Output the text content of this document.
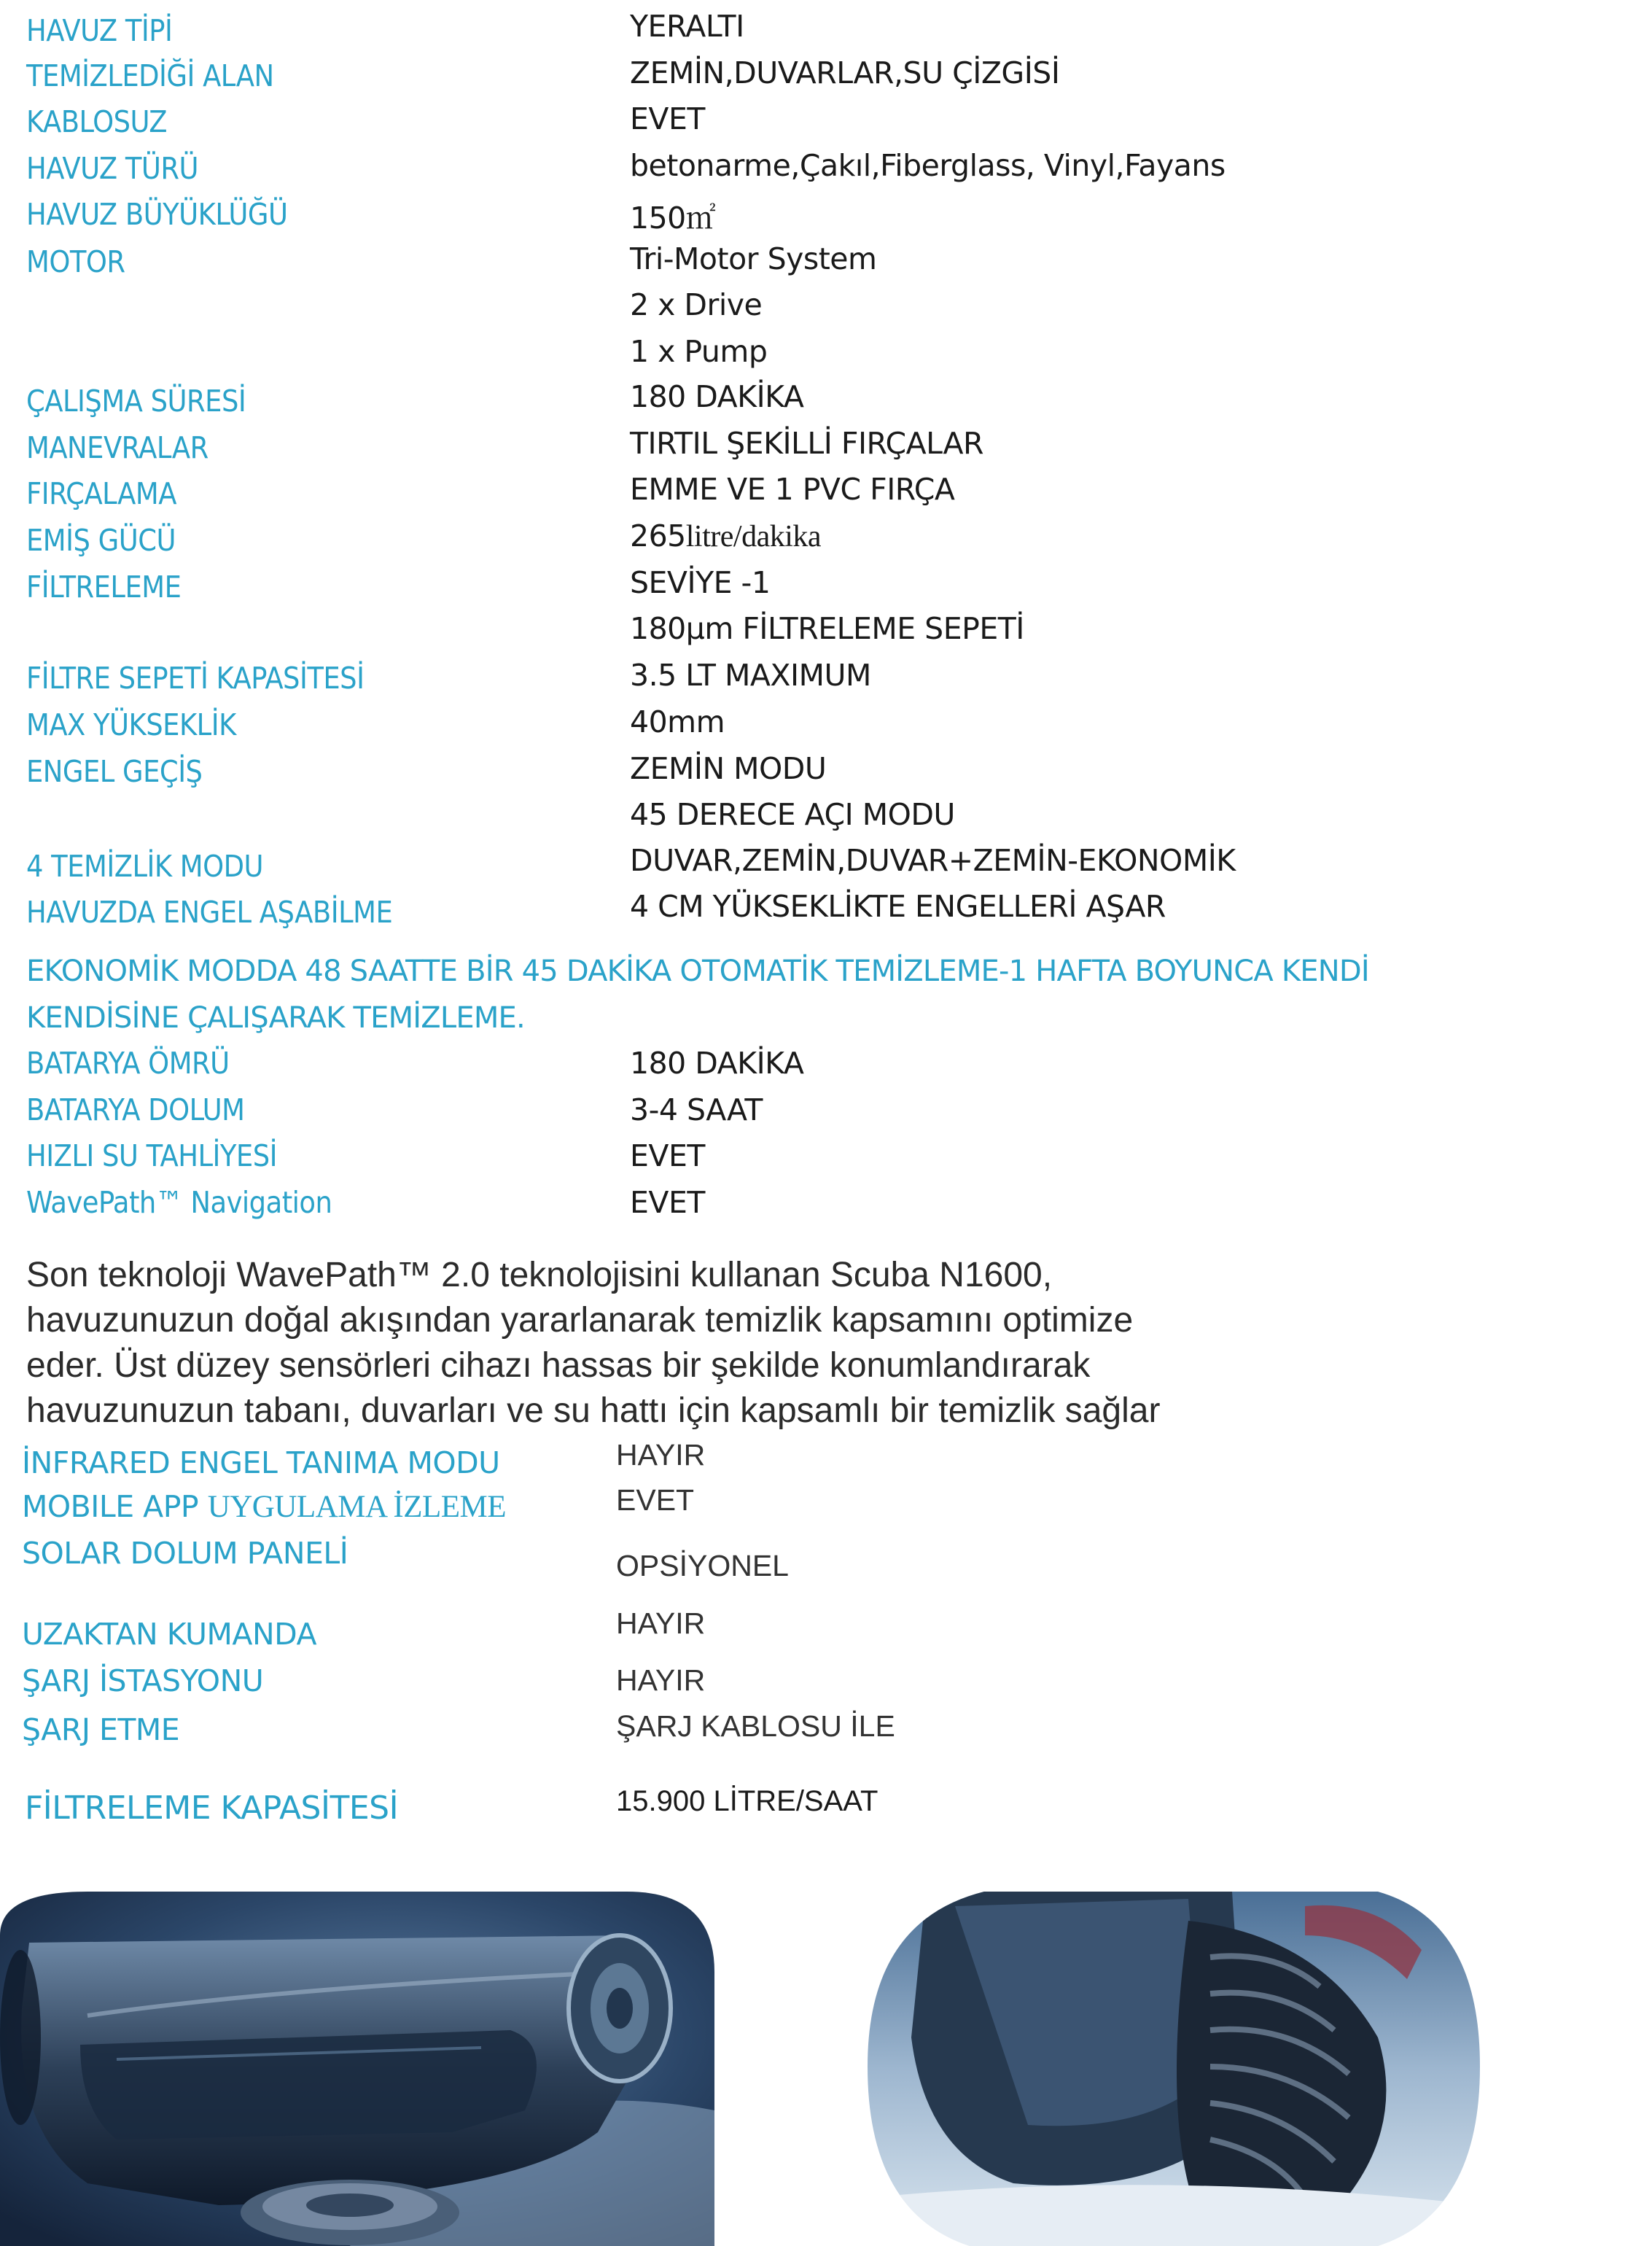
HAVUZ TİPİ	YERALTI
TEMİZLEDİĞİ ALAN	ZEMİN,DUVARLAR,SU ÇİZGİSİ
KABLOSUZ	EVET
HAVUZ TÜRÜ	betonarme,Çakıl,Fiberglass, Vinyl,Fayans
HAVUZ BÜYÜKLÜĞÜ	150㎡
MOTOR	Tri-Motor System
2 x Drive
1 x Pump
ÇALIŞMA SÜRESİ	180 DAKİKA
MANEVRALAR	TIRTIL ŞEKİLLİ FIRÇALAR
FIRÇALAMA	EMME VE 1 PVC FIRÇA
EMİŞ GÜCÜ	265litre/dakika
FİLTRELEME	SEVİYE -1
180μm FİLTRELEME SEPETİ
FİLTRE SEPETİ KAPASİTESİ	3.5 LT MAXIMUM
MAX YÜKSEKLİK	40mm
ENGEL GEÇİŞ	ZEMİN MODU
45 DERECE AÇI MODU
4 TEMİZLİK MODU	DUVAR,ZEMİN,DUVAR+ZEMİN-EKONOMİK
HAVUZDA ENGEL AŞABİLME	4 CM YÜKSEKLİKTE ENGELLERİ AŞAR
EKONOMİK MODDA 48 SAATTE BİR 45 DAKİKA OTOMATİK TEMİZLEME-1 HAFTA BOYUNCA KENDİ
KENDİSİNE ÇALIŞARAK TEMİZLEME.
BATARYA ÖMRÜ	180 DAKİKA
BATARYA DOLUM	3-4 SAAT
HIZLI SU TAHLİYESİ	EVET
WavePath™ Navigation	EVET
Son teknoloji WavePath™ 2.0 teknolojisini kullanan Scuba N1600,
havuzunuzun doğal akışından yararlanarak temizlik kapsamını optimize
eder. Üst düzey sensörleri cihazı hassas bir şekilde konumlandırarak
havuzunuzun tabanı, duvarları ve su hattı için kapsamlı bir temizlik sağlar
İNFRARED ENGEL TANIMA MODU	HAYIR
MOBILE APP UYGULAMA İZLEME	EVET
SOLAR DOLUM PANELİ	OPSİYONEL
UZAKTAN KUMANDA	HAYIR
ŞARJ İSTASYONU	HAYIR
ŞARJ ETME	ŞARJ KABLOSU İLE
FİLTRELEME KAPASİTESİ	15.900 LİTRE/SAAT
